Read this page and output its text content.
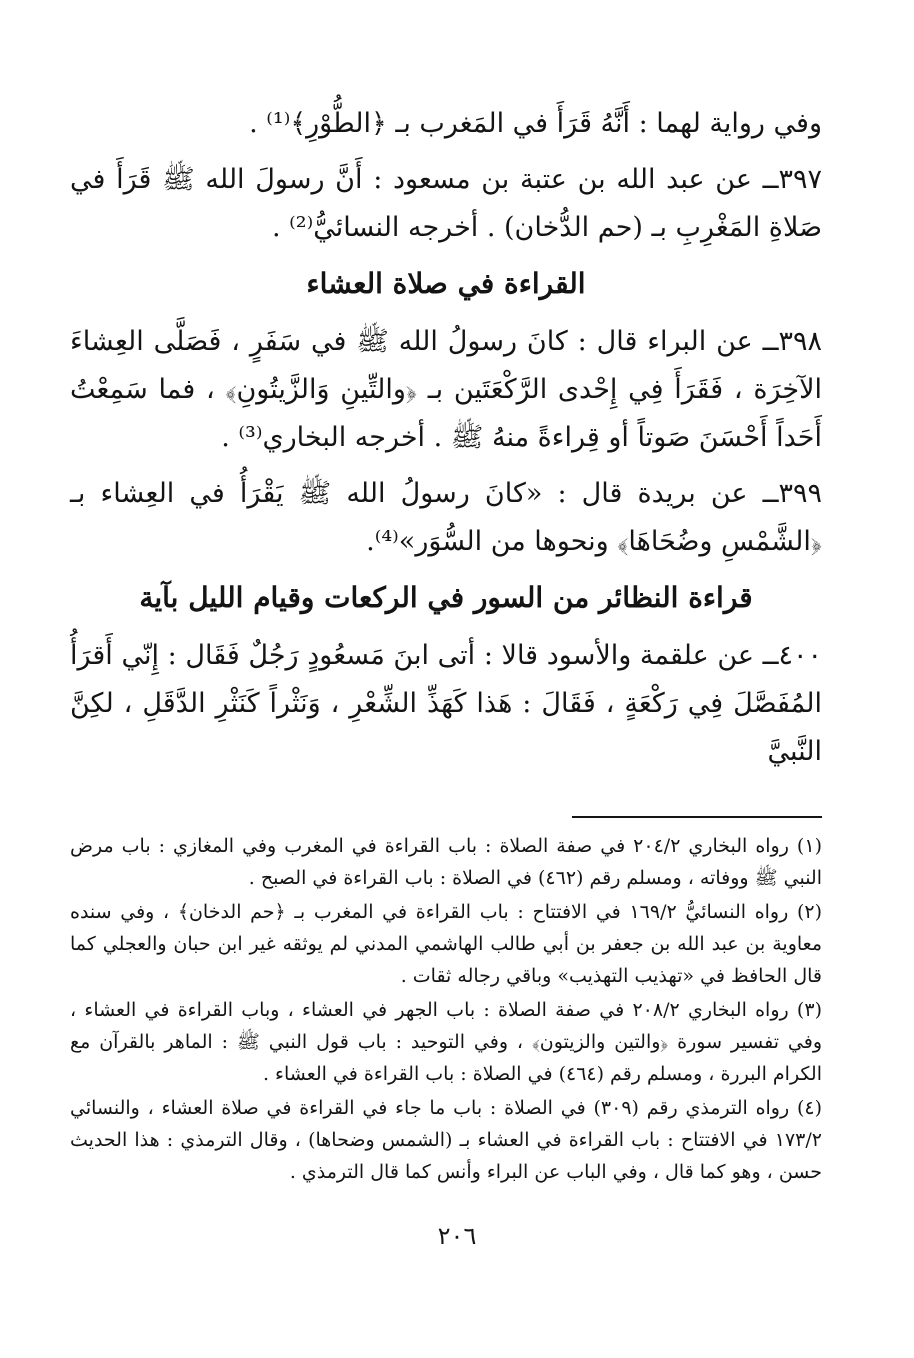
وفي رواية لهما : أَنَّهُ قَرَأَ في المَغرب بـ ﴿الطُّوْرِ﴾⁽¹⁾ .

٣٩٧ــ عن عبد الله بن عتبة بن مسعود : أَنَّ رسولَ الله ﷺ قَرَأَ في صَلاةِ المَغْرِبِ بـ (حم الدُّخان) . أخرجه النسائيُّ⁽²⁾ .

القراءة في صلاة العشاء

٣٩٨ــ عن البراء قال : كانَ رسولُ الله ﷺ في سَفَرٍ ، فَصَلَّى العِشاءَ الآخِرَة ، فَقَرَأَ فِي إِحْدى الرَّكْعَتَين بـ ﴿والتِّينِ وَالزَّيتُونِ﴾ ، فما سَمِعْتُ أَحَداً أَحْسَنَ صَوتاً أو قِراءةً منهُ ﷺ . أخرجه البخاري⁽³⁾ .

٣٩٩ــ عن بريدة قال : «كانَ رسولُ الله ﷺ يَقْرَأُ في العِشاء بـ ﴿الشَّمْسِ وضُحَاهَا﴾ ونحوها من السُّوَر»⁽⁴⁾.

قراءة النظائر من السور في الركعات وقيام الليل بآية

٤٠٠ــ عن علقمة والأسود قالا : أتى ابنَ مَسعُودٍ رَجُلٌ فَقَال : إِنّي أَقرَأُ المُفَصَّلَ فِي رَكْعَةٍ ، فَقَالَ : هَذا كَهَذِّ الشِّعْرِ ، وَنَثْراً كَنَثْرِ الدَّقَلِ ، لكِنَّ النَّبيَّ

(١) رواه البخاري ٢٠٤/٢ في صفة الصلاة : باب القراءة في المغرب وفي المغازي : باب مرض النبي ﷺ ووفاته ، ومسلم رقم (٤٦٢) في الصلاة : باب القراءة في الصبح .

(٢) رواه النسائيُّ ١٦٩/٢ في الافتتاح : باب القراءة في المغرب بـ ﴿حم الدخان﴾ ، وفي سنده معاوية بن عبد الله بن جعفر بن أبي طالب الهاشمي المدني لم يوثقه غير ابن حبان والعجلي كما قال الحافظ في «تهذيب التهذيب» وباقي رجاله ثقات .

(٣) رواه البخاري ٢٠٨/٢ في صفة الصلاة : باب الجهر في العشاء ، وباب القراءة في العشاء ، وفي تفسير سورة ﴿والتين والزيتون﴾ ، وفي التوحيد : باب قول النبي ﷺ : الماهر بالقرآن مع الكرام البررة ، ومسلم رقم (٤٦٤) في الصلاة : باب القراءة في العشاء .

(٤) رواه الترمذي رقم (٣٠٩) في الصلاة : باب ما جاء في القراءة في صلاة العشاء ، والنسائي ١٧٣/٢ في الافتتاح : باب القراءة في العشاء بـ (الشمس وضحاها) ، وقال الترمذي : هذا الحديث حسن ، وهو كما قال ، وفي الباب عن البراء وأنس كما قال الترمذي .

٢٠٦
